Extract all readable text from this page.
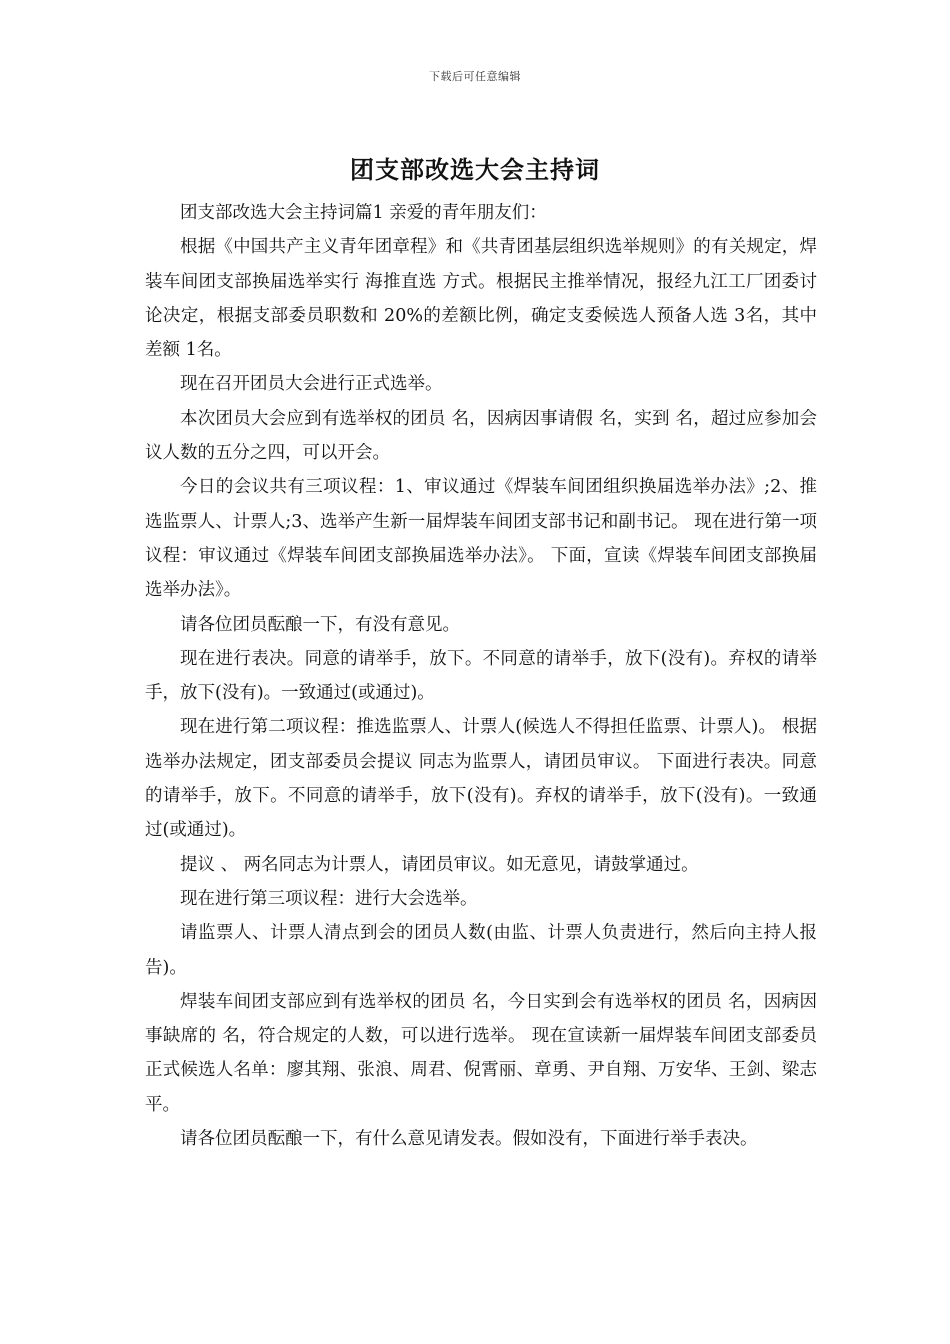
下载后可任意编辑
团支部改选大会主持词

团支部改选大会主持词篇1 亲爱的青年朋友们：

根据《中国共产主义青年团章程》和《共青团基层组织选举规则》的有关规定，焊装车间团支部换届选举实行 海推直选 方式。根据民主推举情况，报经九江工厂团委讨论决定，根据支部委员职数和 20%的差额比例，确定支委候选人预备人选 3名，其中差额 1名。

现在召开团员大会进行正式选举。

本次团员大会应到有选举权的团员 名，因病因事请假 名，实到 名，超过应参加会议人数的五分之四，可以开会。

今日的会议共有三项议程：1、审议通过《焊装车间团组织换届选举办法》;2、推选监票人、计票人;3、选举产生新一届焊装车间团支部书记和副书记。 现在进行第一项议程：审议通过《焊装车间团支部换届选举办法》。 下面，宣读《焊装车间团支部换届选举办法》。

请各位团员酝酿一下，有没有意见。

现在进行表决。同意的请举手，放下。不同意的请举手，放下(没有)。弃权的请举手，放下(没有)。一致通过(或通过)。

现在进行第二项议程：推选监票人、计票人(候选人不得担任监票、计票人)。 根据选举办法规定，团支部委员会提议 同志为监票人，请团员审议。 下面进行表决。同意的请举手，放下。不同意的请举手，放下(没有)。弃权的请举手，放下(没有)。一致通过(或通过)。

提议 、 两名同志为计票人，请团员审议。如无意见，请鼓掌通过。

现在进行第三项议程：进行大会选举。

请监票人、计票人清点到会的团员人数(由监、计票人负责进行，然后向主持人报告)。

焊装车间团支部应到有选举权的团员 名，今日实到会有选举权的团员 名，因病因事缺席的 名，符合规定的人数，可以进行选举。 现在宣读新一届焊装车间团支部委员正式候选人名单：廖其翔、张浪、周君、倪霄丽、章勇、尹自翔、万安华、王剑、梁志平。

请各位团员酝酿一下，有什么意见请发表。假如没有，下面进行举手表决。
